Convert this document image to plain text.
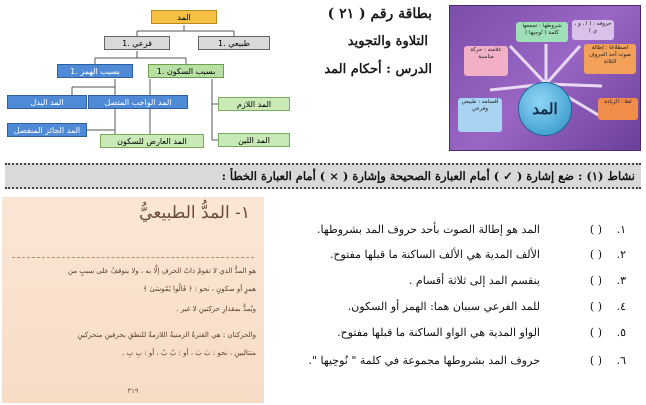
المد
1. فرعي	1. طبيعي
1. بسبب الهمز	1. بسبب السكون
المد البدل	المد الواجب المتصل	المد اللازم
المد الجائز المنفصل
المد اللين
المد العارض للسكون
بطاقة رقم ( ٢١ )
التلاوة والتجويد
الدرس : أحكام المد
المد
اصطلاحًا : إطالة صوت أحد الحروف الثلاثة
شروطها : تجمعها كلمة ( نُوحِيها )
حروفه : ( ا ، و ، ي )
علامته : حركة مناسبة
أقسامه : طبيعي وفرعي
لغةً : الزيادة
نشاط (١) : ضع إشارة ( ✓ ) أمام العبارة الصحيحة وإشارة ( × ) أمام العبارة الخطأ :
١- المدُّ الطبيعيُّ
هو المدُّ الذي لا تقومُ ذاتُ الحرفِ إلَّا به ، ولا يتوقفُ على سببٍ من
همزٍ أو سكونٍ ، نحو : ﴿ قَالُوا يَٰمُوسَىٰ ﴾
ويُمدُّ بمقدارِ حركتينِ لا غير .
والحركتان : هي الفترةُ الزمنيةُ اللازمةُ للنطقِ بحرفينِ متحركينِ
متتاليينِ ، نحو : بَ بَ ، أو : بُ بُ ، أو : بِ بِ .
٣١٩
١.( )المد هو إطالة الصوت بأحد حروف المد بشروطها.
٢.( )الألف المدية هي الألف الساكنة ما قبلها مفتوح.
٣.( )ينقسم المد إلى ثلاثة أقسام .
٤.( )للمد الفرعي سببان هما: الهمز أو السكون.
٥.( )الواو المدية هي الواو الساكنة ما قبلها مفتوح.
٦.( )حروف المد بشروطها مجموعة في كلمة " نُوحِيها ".
